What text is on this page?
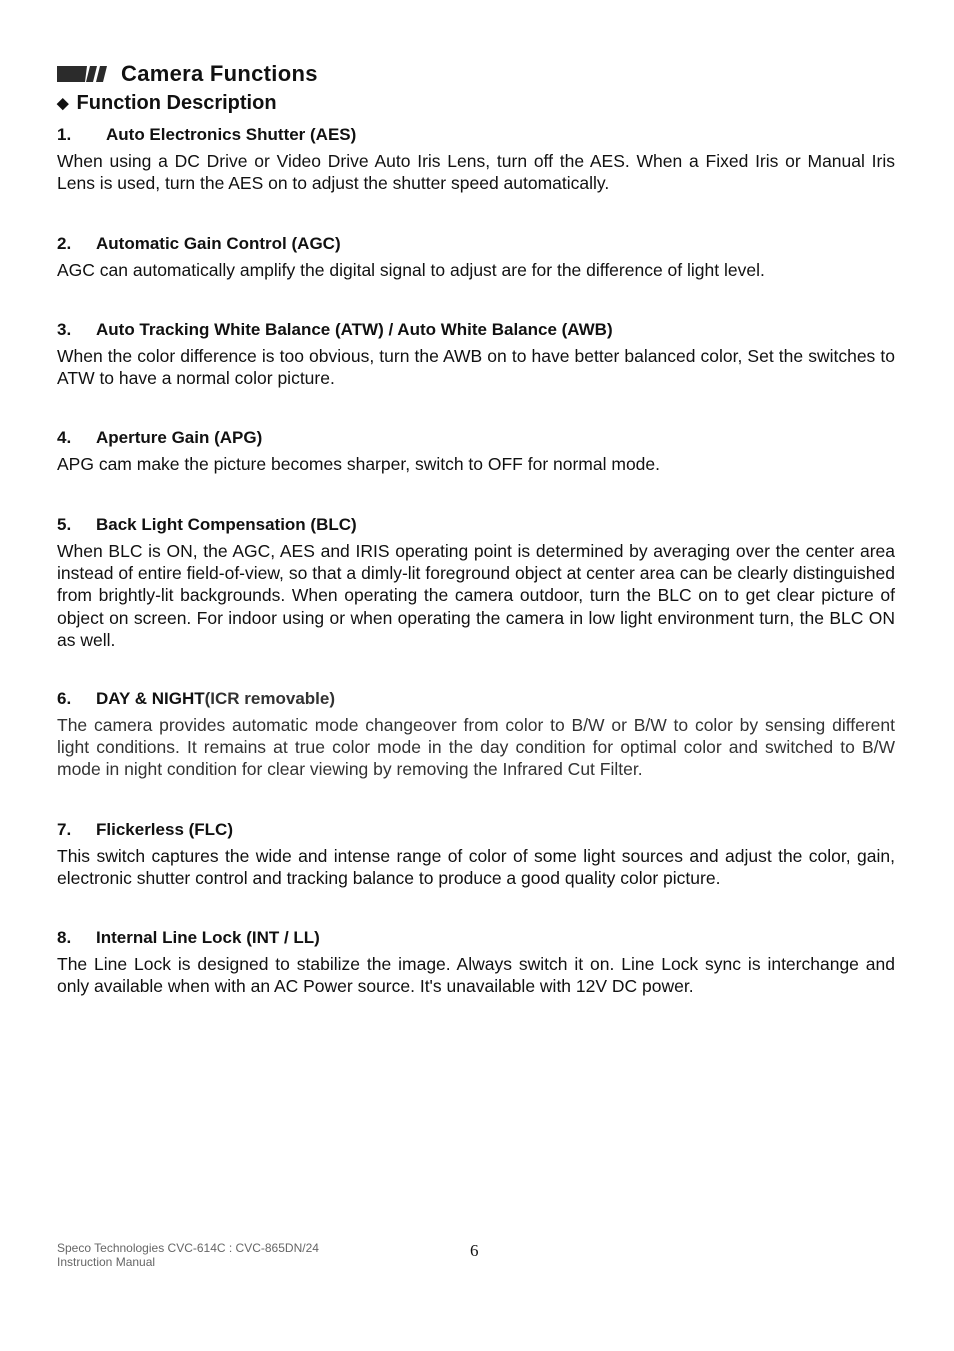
Camera Functions
◆ Function Description
1.	Auto Electronics Shutter (AES)

When using a DC Drive or Video Drive Auto Iris Lens, turn off the AES. When a Fixed Iris or Manual Iris Lens is used, turn the AES on to adjust the shutter speed automatically.

2.	Automatic Gain Control (AGC)

AGC can automatically amplify the digital signal to adjust are for the difference of light level.

3.	Auto Tracking White Balance (ATW) / Auto White Balance (AWB)

When the color difference is too obvious, turn the AWB on to have better balanced color, Set the switches to ATW to have a normal color picture.

4.	Aperture Gain (APG)

APG cam make the picture becomes sharper, switch to OFF for normal mode.

5.	Back Light Compensation (BLC)

When BLC is ON, the AGC, AES and IRIS operating point is determined by averaging over the center area instead of entire field-of-view, so that a dimly-lit foreground object at center area can be clearly distinguished from brightly-lit backgrounds. When operating the camera outdoor, turn the BLC on to get clear picture of object on screen. For indoor using or when operating the camera in low light environment turn, the BLC ON as well.

6.	DAY & NIGHT (ICR removable)

The camera provides automatic mode changeover from color to B/W or B/W to color by sensing different light conditions. It remains at true color mode in the day condition for optimal color and switched to B/W mode in night condition for clear viewing by removing the Infrared Cut Filter.

7.	Flickerless (FLC)

This switch captures the wide and intense range of color of some light sources and adjust the color, gain, electronic shutter control and tracking balance to produce a good quality color picture.

8.	Internal Line Lock (INT / LL)

The Line Lock is designed to stabilize the image. Always switch it on. Line Lock sync is interchange and only available when with an AC Power source. It's unavailable with 12V DC power.

Speco Technologies CVC-614C : CVC-865DN/24
Instruction Manual
6
